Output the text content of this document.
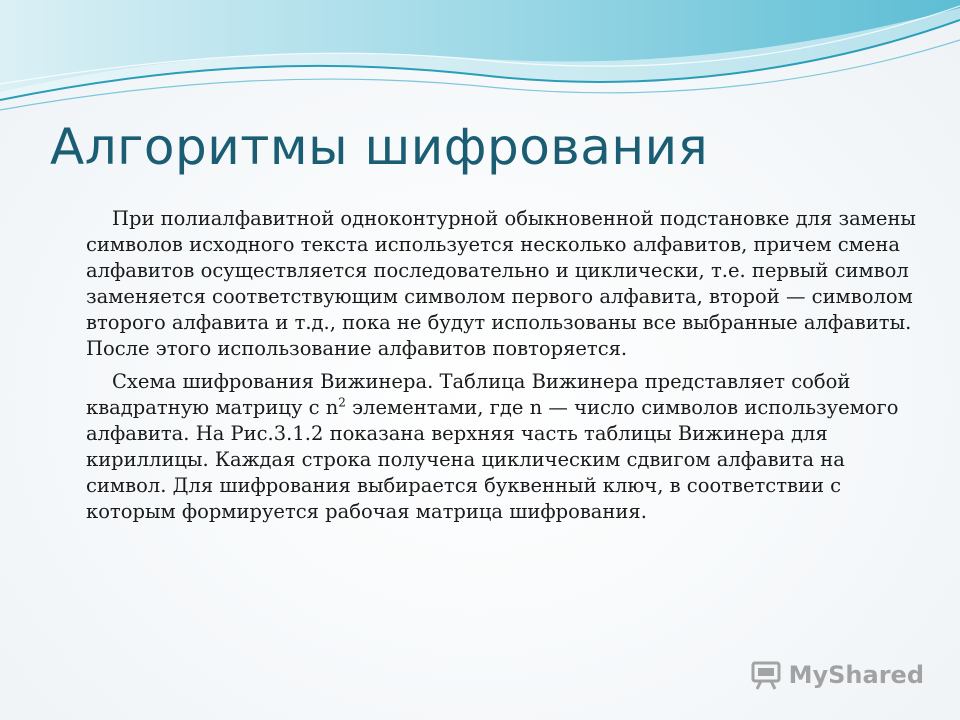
Алгоритмы шифрования

При полиалфавитной одноконтурной обыкновенной подстановке для замены символов исходного текста используется несколько алфавитов, причем смена алфавитов осуществляется последовательно и циклически, т.е. первый символ заменяется соответствующим символом первого алфавита, второй — символом второго алфавита и т.д., пока не будут использованы все выбранные алфавиты. После этого использование алфавитов повторяется.

Схема шифрования Вижинера. Таблица Вижинера представляет собой квадратную матрицу с $n^2$ элементами, где n — число символов используемого алфавита. На Рис.3.1.2 показана верхняя часть таблицы Вижинера для кириллицы. Каждая строка получена циклическим сдвигом алфавита на символ. Для шифрования выбирается буквенный ключ, в соответствии с которым формируется рабочая матрица шифрования.

MyShared
